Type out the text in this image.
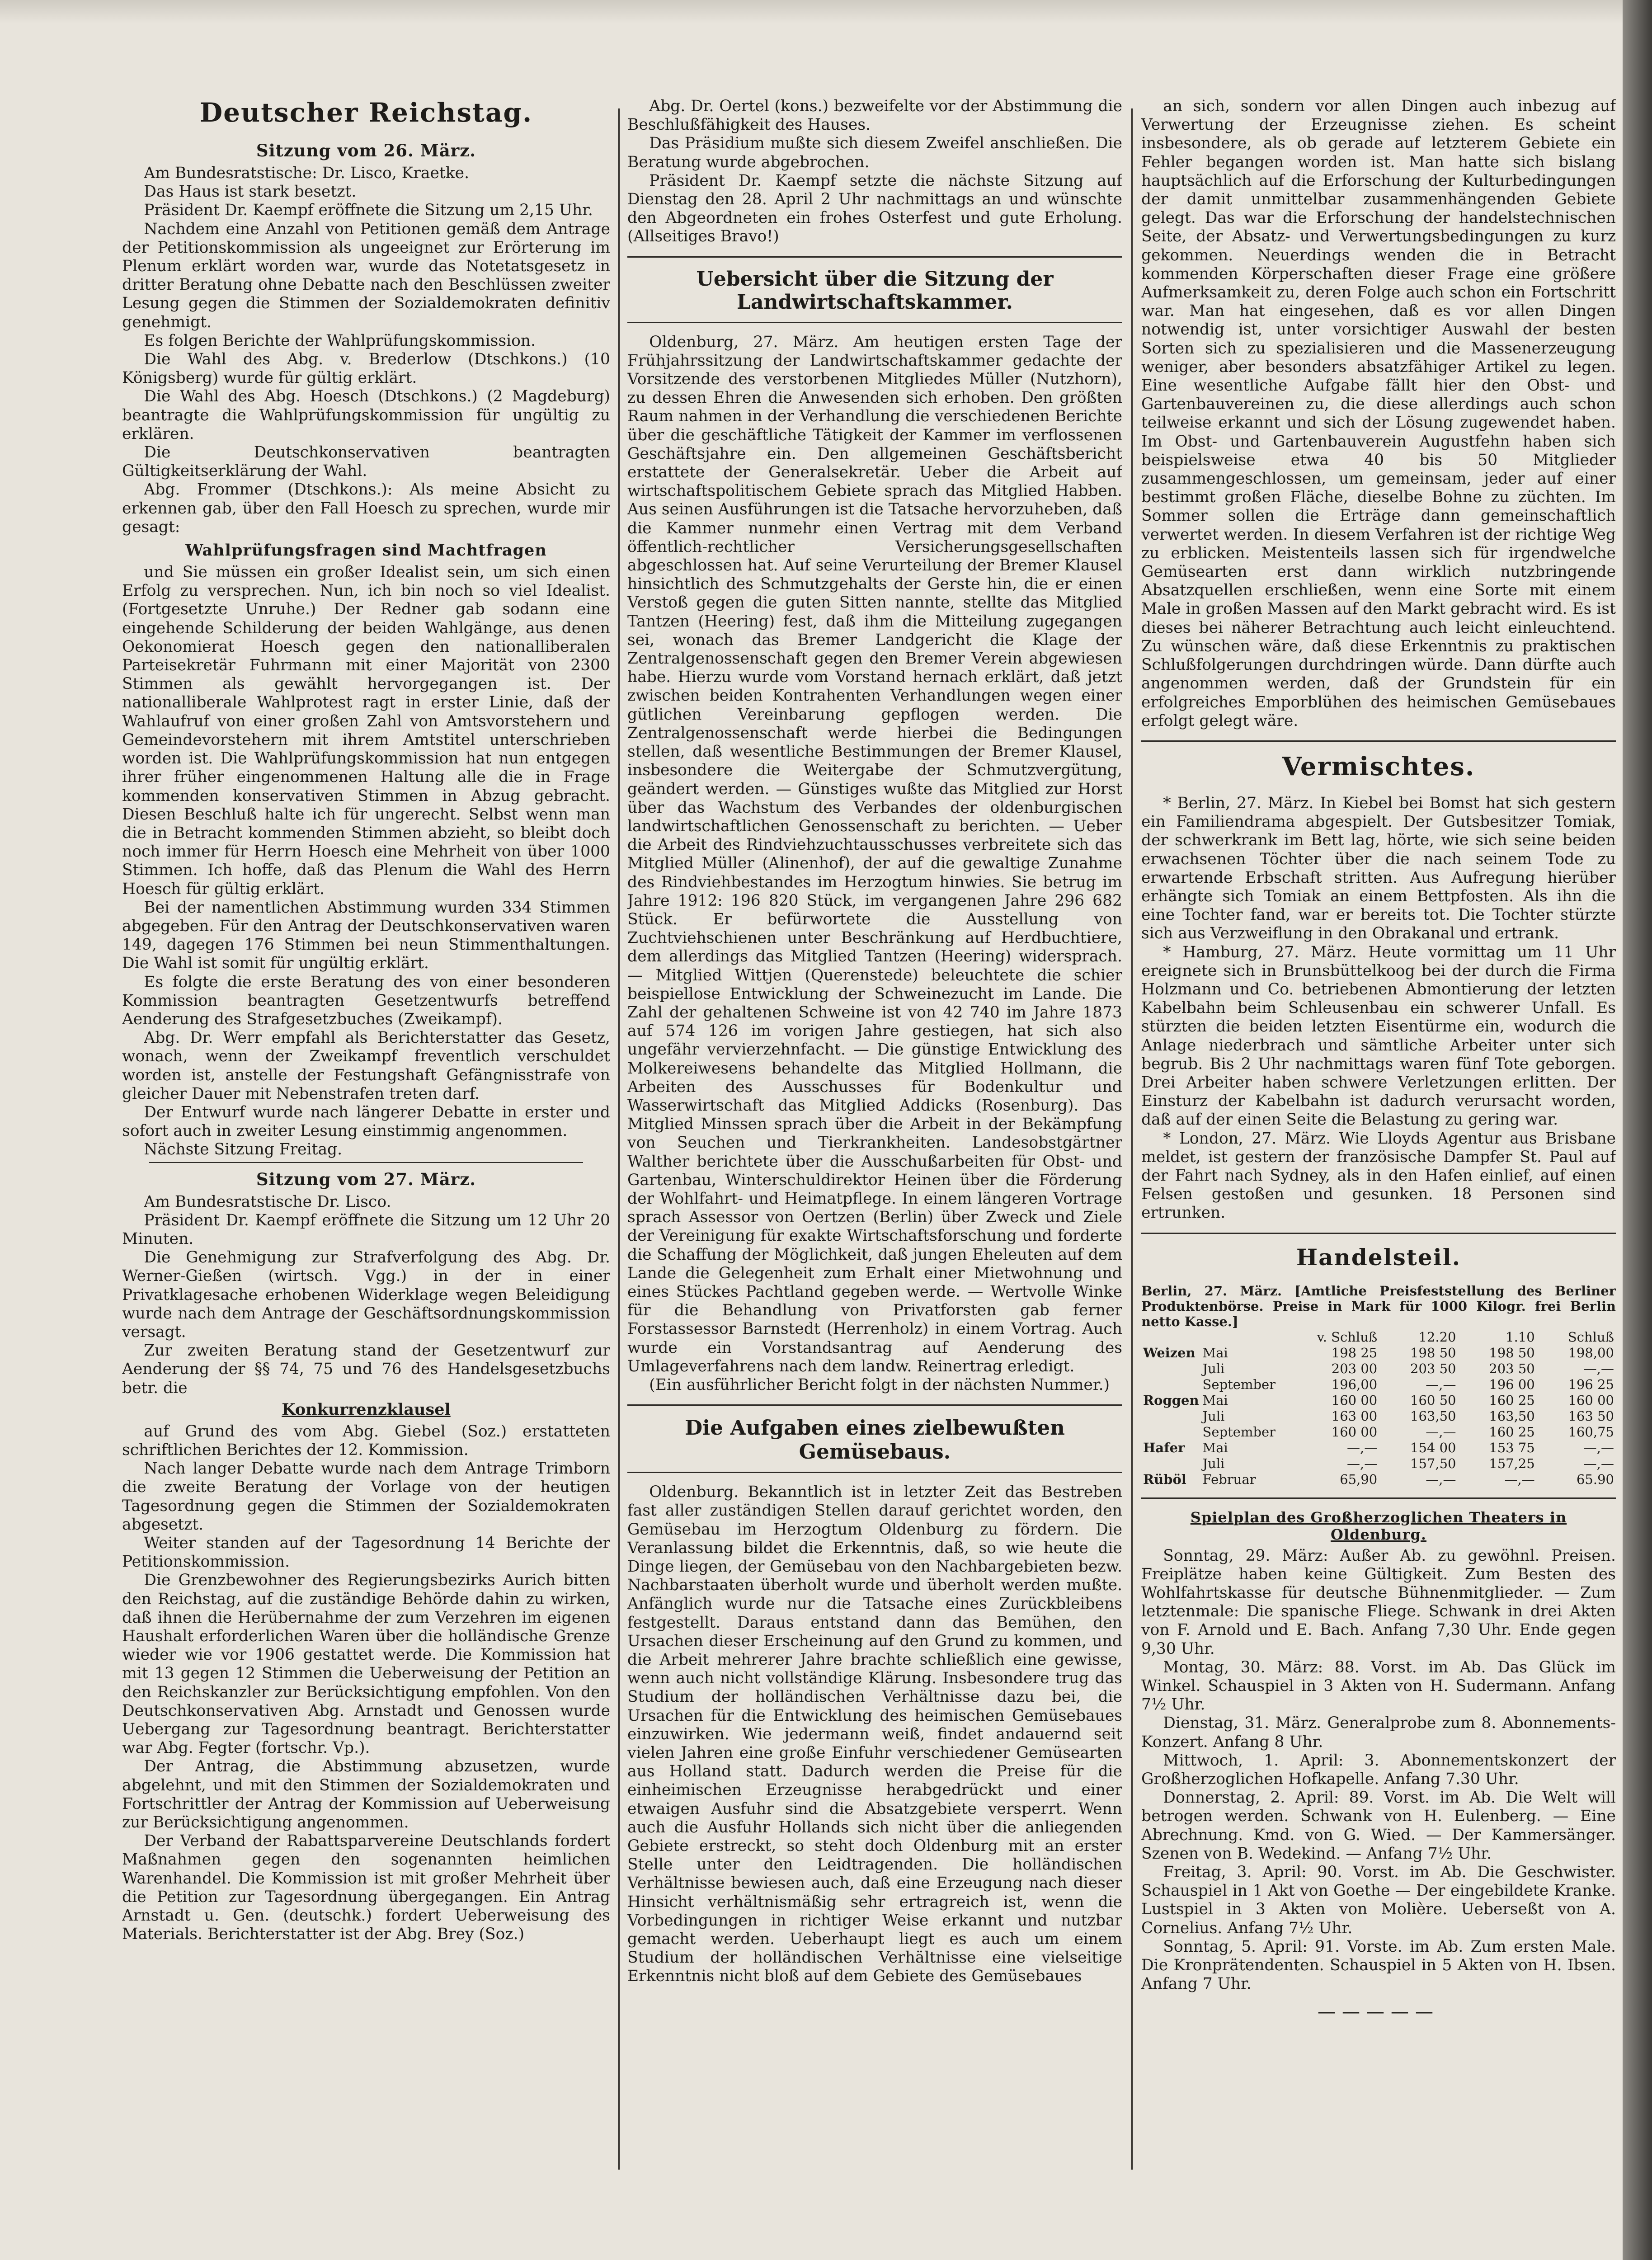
Deutscher Reichstag.
Sitzung vom 26. März.

Am Bundesratstische: Dr. Lisco, Kraetke.

Das Haus ist stark besetzt.

Präsident Dr. Kaempf eröffnete die Sitzung um 2,15 Uhr.

Nachdem eine Anzahl von Petitionen gemäß dem Antrage der Petitionskommission als ungeeignet zur Erörterung im Plenum erklärt worden war, wurde das Notetatsgesetz in dritter Beratung ohne Debatte nach den Beschlüssen zweiter Lesung gegen die Stimmen der Sozialdemokraten definitiv genehmigt.

Es folgen Berichte der Wahlprüfungskommission.

Die Wahl des Abg. v. Brederlow (Dtschkons.) (10 Königsberg) wurde für gültig erklärt.

Die Wahl des Abg. Hoesch (Dtschkons.) (2 Magdeburg) beantragte die Wahlprüfungskommission für ungültig zu erklären.

Die Deutschkonservativen beantragten Gültigkeitserklärung der Wahl.

Abg. Frommer (Dtschkons.): Als meine Absicht zu erkennen gab, über den Fall Hoesch zu sprechen, wurde mir gesagt:

Wahlprüfungsfragen sind Machtfragen

und Sie müssen ein großer Idealist sein, um sich einen Erfolg zu versprechen. Nun, ich bin noch so viel Idealist. (Fortgesetzte Unruhe.) Der Redner gab sodann eine eingehende Schilderung der beiden Wahlgänge, aus denen Oekonomierat Hoesch gegen den nationalliberalen Parteisekretär Fuhrmann mit einer Majorität von 2300 Stimmen als gewählt hervorgegangen ist. Der nationalliberale Wahlprotest ragt in erster Linie, daß der Wahlaufruf von einer großen Zahl von Amtsvorstehern und Gemeindevorstehern mit ihrem Amtstitel unterschrieben worden ist. Die Wahlprüfungskommission hat nun entgegen ihrer früher eingenommenen Haltung alle die in Frage kommenden konservativen Stimmen in Abzug gebracht. Diesen Beschluß halte ich für ungerecht. Selbst wenn man die in Betracht kommenden Stimmen abzieht, so bleibt doch noch immer für Herrn Hoesch eine Mehrheit von über 1000 Stimmen. Ich hoffe, daß das Plenum die Wahl des Herrn Hoesch für gültig erklärt.

Bei der namentlichen Abstimmung wurden 334 Stimmen abgegeben. Für den Antrag der Deutschkonservativen waren 149, dagegen 176 Stimmen bei neun Stimmenthaltungen. Die Wahl ist somit für ungültig erklärt.

Es folgte die erste Beratung des von einer besonderen Kommission beantragten Gesetzentwurfs betreffend Aenderung des Strafgesetzbuches (Zweikampf).

Abg. Dr. Werr empfahl als Berichterstatter das Gesetz, wonach, wenn der Zweikampf freventlich verschuldet worden ist, anstelle der Festungshaft Gefängnisstrafe von gleicher Dauer mit Nebenstrafen treten darf.

Der Entwurf wurde nach längerer Debatte in erster und sofort auch in zweiter Lesung einstimmig angenommen.

Nächste Sitzung Freitag.

Sitzung vom 27. März.

Am Bundesratstische Dr. Lisco.

Präsident Dr. Kaempf eröffnete die Sitzung um 12 Uhr 20 Minuten.

Die Genehmigung zur Strafverfolgung des Abg. Dr. Werner-Gießen (wirtsch. Vgg.) in der in einer Privatklagesache erhobenen Widerklage wegen Beleidigung wurde nach dem Antrage der Geschäftsordnungskommission versagt.

Zur zweiten Beratung stand der Gesetzentwurf zur Aenderung der §§ 74, 75 und 76 des Handelsgesetzbuchs betr. die

Konkurrenzklausel

auf Grund des vom Abg. Giebel (Soz.) erstatteten schriftlichen Berichtes der 12. Kommission.

Nach langer Debatte wurde nach dem Antrage Trimborn die zweite Beratung der Vorlage von der heutigen Tagesordnung gegen die Stimmen der Sozialdemokraten abgesetzt.

Weiter standen auf der Tagesordnung 14 Berichte der Petitionskommission.

Die Grenzbewohner des Regierungsbezirks Aurich bitten den Reichstag, auf die zuständige Behörde dahin zu wirken, daß ihnen die Herübernahme der zum Verzehren im eigenen Haushalt erforderlichen Waren über die holländische Grenze wieder wie vor 1906 gestattet werde. Die Kommission hat mit 13 gegen 12 Stimmen die Ueberweisung der Petition an den Reichskanzler zur Berücksichtigung empfohlen. Von den Deutschkonservativen Abg. Arnstadt und Genossen wurde Uebergang zur Tagesordnung beantragt. Berichterstatter war Abg. Fegter (fortschr. Vp.).

Der Antrag, die Abstimmung abzusetzen, wurde abgelehnt, und mit den Stimmen der Sozialdemokraten und Fortschrittler der Antrag der Kommission auf Ueberweisung zur Berücksichtigung angenommen.

Der Verband der Rabattsparvereine Deutschlands fordert Maßnahmen gegen den sogenannten heimlichen Warenhandel. Die Kommission ist mit großer Mehrheit über die Petition zur Tagesordnung übergegangen. Ein Antrag Arnstadt u. Gen. (deutschk.) fordert Ueberweisung des Materials. Berichterstatter ist der Abg. Brey (Soz.)

Abg. Dr. Oertel (kons.) bezweifelte vor der Abstimmung die Beschlußfähigkeit des Hauses.

Das Präsidium mußte sich diesem Zweifel anschließen. Die Beratung wurde abgebrochen.

Präsident Dr. Kaempf setzte die nächste Sitzung auf Dienstag den 28. April 2 Uhr nachmittags an und wünschte den Abgeordneten ein frohes Osterfest und gute Erholung. (Allseitiges Bravo!)

Uebersicht über die Sitzung der Landwirtschaftskammer.

Oldenburg, 27. März. Am heutigen ersten Tage der Frühjahrssitzung der Landwirtschaftskammer gedachte der Vorsitzende des verstorbenen Mitgliedes Müller (Nutzhorn), zu dessen Ehren die Anwesenden sich erhoben. Den größten Raum nahmen in der Verhandlung die verschiedenen Berichte über die geschäftliche Tätigkeit der Kammer im verflossenen Geschäftsjahre ein. Den allgemeinen Geschäftsbericht erstattete der Generalsekretär. Ueber die Arbeit auf wirtschaftspolitischem Gebiete sprach das Mitglied Habben. Aus seinen Ausführungen ist die Tatsache hervorzuheben, daß die Kammer nunmehr einen Vertrag mit dem Verband öffentlich-rechtlicher Versicherungsgesellschaften abgeschlossen hat. Auf seine Verurteilung der Bremer Klausel hinsichtlich des Schmutzgehalts der Gerste hin, die er einen Verstoß gegen die guten Sitten nannte, stellte das Mitglied Tantzen (Heering) fest, daß ihm die Mitteilung zugegangen sei, wonach das Bremer Landgericht die Klage der Zentralgenossenschaft gegen den Bremer Verein abgewiesen habe. Hierzu wurde vom Vorstand hernach erklärt, daß jetzt zwischen beiden Kontrahenten Verhandlungen wegen einer gütlichen Vereinbarung gepflogen werden. Die Zentralgenossenschaft werde hierbei die Bedingungen stellen, daß wesentliche Bestimmungen der Bremer Klausel, insbesondere die Weitergabe der Schmutzvergütung, geändert werden. — Günstiges wußte das Mitglied zur Horst über das Wachstum des Verbandes der oldenburgischen landwirtschaftlichen Genossenschaft zu berichten. — Ueber die Arbeit des Rindviehzuchtausschusses verbreitete sich das Mitglied Müller (Alinenhof), der auf die gewaltige Zunahme des Rindviehbestandes im Herzogtum hinwies. Sie betrug im Jahre 1912: 196 820 Stück, im vergangenen Jahre 296 682 Stück. Er befürwortete die Ausstellung von Zuchtviehschienen unter Beschränkung auf Herdbuchtiere, dem allerdings das Mitglied Tantzen (Heering) widersprach. — Mitglied Wittjen (Querenstede) beleuchtete die schier beispiellose Entwicklung der Schweinezucht im Lande. Die Zahl der gehaltenen Schweine ist von 42 740 im Jahre 1873 auf 574 126 im vorigen Jahre gestiegen, hat sich also ungefähr vervierzehnfacht. — Die günstige Entwicklung des Molkereiwesens behandelte das Mitglied Hollmann, die Arbeiten des Ausschusses für Bodenkultur und Wasserwirtschaft das Mitglied Addicks (Rosenburg). Das Mitglied Minssen sprach über die Arbeit in der Bekämpfung von Seuchen und Tierkrankheiten. Landesobstgärtner Walther berichtete über die Ausschußarbeiten für Obst- und Gartenbau, Winterschuldirektor Heinen über die Förderung der Wohlfahrt- und Heimatpflege. In einem längeren Vortrage sprach Assessor von Oertzen (Berlin) über Zweck und Ziele der Vereinigung für exakte Wirtschaftsforschung und forderte die Schaffung der Möglichkeit, daß jungen Eheleuten auf dem Lande die Gelegenheit zum Erhalt einer Mietwohnung und eines Stückes Pachtland gegeben werde. — Wertvolle Winke für die Behandlung von Privatforsten gab ferner Forstassessor Barnstedt (Herrenholz) in einem Vortrag. Auch wurde ein Vorstandsantrag auf Aenderung des Umlageverfahrens nach dem landw. Reinertrag erledigt.

(Ein ausführlicher Bericht folgt in der nächsten Nummer.)

Die Aufgaben eines zielbewußten Gemüsebaus.

Oldenburg. Bekanntlich ist in letzter Zeit das Bestreben fast aller zuständigen Stellen darauf gerichtet worden, den Gemüsebau im Herzogtum Oldenburg zu fördern. Die Veranlassung bildet die Erkenntnis, daß, so wie heute die Dinge liegen, der Gemüsebau von den Nachbargebieten bezw. Nachbarstaaten überholt wurde und überholt werden mußte. Anfänglich wurde nur die Tatsache eines Zurückbleibens festgestellt. Daraus entstand dann das Bemühen, den Ursachen dieser Erscheinung auf den Grund zu kommen, und die Arbeit mehrerer Jahre brachte schließlich eine gewisse, wenn auch nicht vollständige Klärung. Insbesondere trug das Studium der holländischen Verhältnisse dazu bei, die Ursachen für die Entwicklung des heimischen Gemüsebaues einzuwirken. Wie jedermann weiß, findet andauernd seit vielen Jahren eine große Einfuhr verschiedener Gemüsearten aus Holland statt. Dadurch werden die Preise für die einheimischen Erzeugnisse herabgedrückt und einer etwaigen Ausfuhr sind die Absatzgebiete versperrt. Wenn auch die Ausfuhr Hollands sich nicht über die anliegenden Gebiete erstreckt, so steht doch Oldenburg mit an erster Stelle unter den Leidtragenden. Die holländischen Verhältnisse bewiesen auch, daß eine Erzeugung nach dieser Hinsicht verhältnismäßig sehr ertragreich ist, wenn die Vorbedingungen in richtiger Weise erkannt und nutzbar gemacht werden. Ueberhaupt liegt es auch um einem Studium der holländischen Verhältnisse eine vielseitige Erkenntnis nicht bloß auf dem Gebiete des Gemüsebaues

an sich, sondern vor allen Dingen auch inbezug auf Verwertung der Erzeugnisse ziehen. Es scheint insbesondere, als ob gerade auf letzterem Gebiete ein Fehler begangen worden ist. Man hatte sich bislang hauptsächlich auf die Erforschung der Kulturbedingungen der damit unmittelbar zusammenhängenden Gebiete gelegt. Das war die Erforschung der handelstechnischen Seite, der Absatz- und Verwertungsbedingungen zu kurz gekommen. Neuerdings wenden die in Betracht kommenden Körperschaften dieser Frage eine größere Aufmerksamkeit zu, deren Folge auch schon ein Fortschritt war. Man hat eingesehen, daß es vor allen Dingen notwendig ist, unter vorsichtiger Auswahl der besten Sorten sich zu spezialisieren und die Massenerzeugung weniger, aber besonders absatzfähiger Artikel zu legen. Eine wesentliche Aufgabe fällt hier den Obst- und Gartenbauvereinen zu, die diese allerdings auch schon teilweise erkannt und sich der Lösung zugewendet haben. Im Obst- und Gartenbauverein Augustfehn haben sich beispielsweise etwa 40 bis 50 Mitglieder zusammengeschlossen, um gemeinsam, jeder auf einer bestimmt großen Fläche, dieselbe Bohne zu züchten. Im Sommer sollen die Erträge dann gemeinschaftlich verwertet werden. In diesem Verfahren ist der richtige Weg zu erblicken. Meistenteils lassen sich für irgendwelche Gemüsearten erst dann wirklich nutzbringende Absatzquellen erschließen, wenn eine Sorte mit einem Male in großen Massen auf den Markt gebracht wird. Es ist dieses bei näherer Betrachtung auch leicht einleuchtend. Zu wünschen wäre, daß diese Erkenntnis zu praktischen Schlußfolgerungen durchdringen würde. Dann dürfte auch angenommen werden, daß der Grundstein für ein erfolgreiches Emporblühen des heimischen Gemüsebaues erfolgt gelegt wäre.

Vermischtes.

* Berlin, 27. März. In Kiebel bei Bomst hat sich gestern ein Familiendrama abgespielt. Der Gutsbesitzer Tomiak, der schwerkrank im Bett lag, hörte, wie sich seine beiden erwachsenen Töchter über die nach seinem Tode zu erwartende Erbschaft stritten. Aus Aufregung hierüber erhängte sich Tomiak an einem Bettpfosten. Als ihn die eine Tochter fand, war er bereits tot. Die Tochter stürzte sich aus Verzweiflung in den Obrakanal und ertrank.

* Hamburg, 27. März. Heute vormittag um 11 Uhr ereignete sich in Brunsbüttelkoog bei der durch die Firma Holzmann und Co. betriebenen Abmontierung der letzten Kabelbahn beim Schleusenbau ein schwerer Unfall. Es stürzten die beiden letzten Eisentürme ein, wodurch die Anlage niederbrach und sämtliche Arbeiter unter sich begrub. Bis 2 Uhr nachmittags waren fünf Tote geborgen. Drei Arbeiter haben schwere Verletzungen erlitten. Der Einsturz der Kabelbahn ist dadurch verursacht worden, daß auf der einen Seite die Belastung zu gering war.

* London, 27. März. Wie Lloyds Agentur aus Brisbane meldet, ist gestern der französische Dampfer St. Paul auf der Fahrt nach Sydney, als in den Hafen einlief, auf einen Felsen gestoßen und gesunken. 18 Personen sind ertrunken.

Handelsteil.

Berlin, 27. März. [Amtliche Preisfeststellung des Berliner Produktenbörse. Preise in Mark für 1000 Kilogr. frei Berlin netto Kasse.]

		v. Schluß	12.20	1.10	Schluß
Weizen	Mai	198 25	198 50	198 50	198,00
	Juli	203 00	203 50	203 50	—,—
	September	196,00	—,—	196 00	196 25
Roggen	Mai	160 00	160 50	160 25	160 00
	Juli	163 00	163,50	163,50	163 50
	September	160 00	—,—	160 25	160,75
Hafer	Mai	—,—	154 00	153 75	—,—
	Juli	—,—	157,50	157,25	—,—
Rüböl	Februar	65,90	—,—	—,—	65.90
Spielplan des Großherzoglichen Theaters in Oldenburg.

Sonntag, 29. März: Außer Ab. zu gewöhnl. Preisen. Freiplätze haben keine Gültigkeit. Zum Besten des Wohlfahrtskasse für deutsche Bühnenmitglieder. — Zum letztenmale: Die spanische Fliege. Schwank in drei Akten von F. Arnold und E. Bach. Anfang 7,30 Uhr. Ende gegen 9,30 Uhr.

Montag, 30. März: 88. Vorst. im Ab. Das Glück im Winkel. Schauspiel in 3 Akten von H. Sudermann. Anfang 7½ Uhr.

Dienstag, 31. März. Generalprobe zum 8. Abonnements-Konzert. Anfang 8 Uhr.

Mittwoch, 1. April: 3. Abonnementskonzert der Großherzoglichen Hofkapelle. Anfang 7.30 Uhr.

Donnerstag, 2. April: 89. Vorst. im Ab. Die Welt will betrogen werden. Schwank von H. Eulenberg. — Eine Abrechnung. Kmd. von G. Wied. — Der Kammersänger. Szenen von B. Wedekind. — Anfang 7½ Uhr.

Freitag, 3. April: 90. Vorst. im Ab. Die Geschwister. Schauspiel in 1 Akt von Goethe — Der eingebildete Kranke. Lustspiel in 3 Akten von Molière. Ueberseßt von A. Cornelius. Anfang 7½ Uhr.

Sonntag, 5. April: 91. Vorste. im Ab. Zum ersten Male. Die Kronprätendenten. Schauspiel in 5 Akten von H. Ibsen. Anfang 7 Uhr.

—————
